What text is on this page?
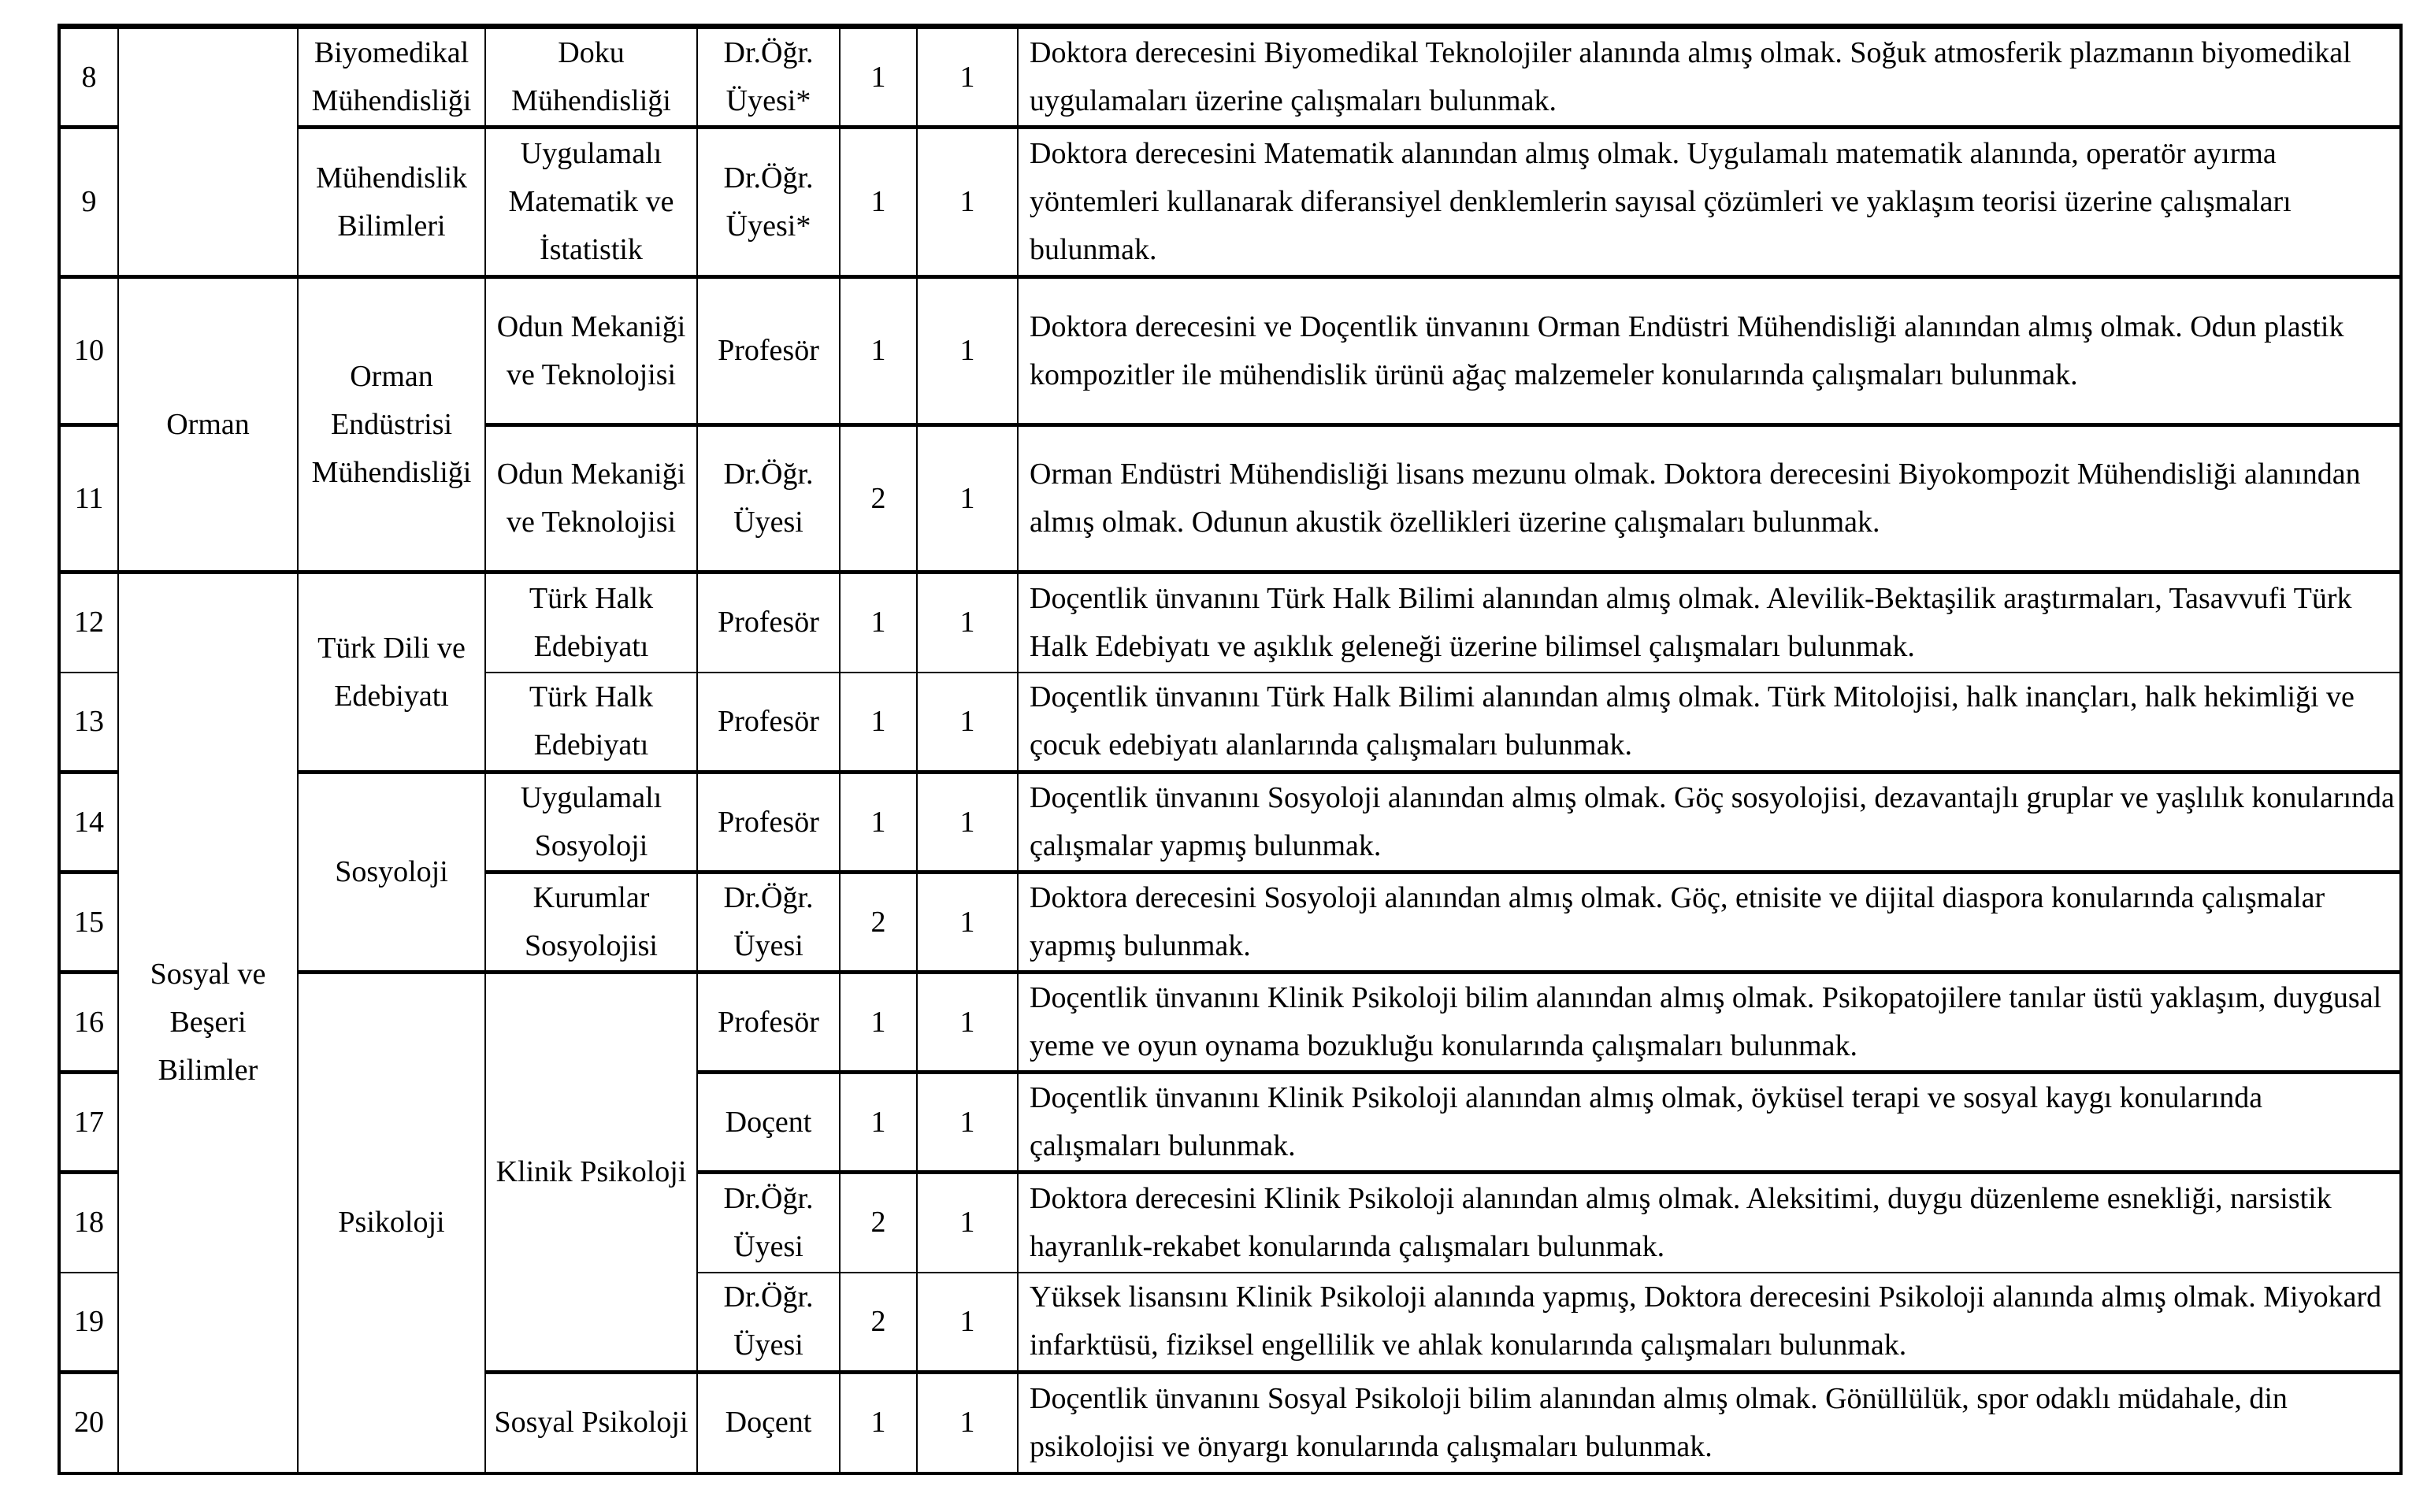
8		Biyomedikal Mühendisliği	Doku Mühendisliği	Dr.Öğr. Üyesi*	1	1	Doktora derecesini Biyomedikal Teknolojiler alanında almış olmak. Soğuk atmosferik plazmanın biyomedikal uygulamaları üzerine çalışmaları bulunmak.
9		Mühendislik Bilimleri	Uygulamalı Matematik ve İstatistik	Dr.Öğr. Üyesi*	1	1	Doktora derecesini Matematik alanından almış olmak. Uygulamalı matematik alanında, operatör ayırma yöntemleri kullanarak diferansiyel denklemlerin sayısal çözümleri ve yaklaşım teorisi üzerine çalışmaları bulunmak.
10	Orman	Orman Endüstrisi Mühendisliği	Odun Mekaniği ve Teknolojisi	Profesör	1	1	Doktora derecesini ve Doçentlik ünvanını Orman Endüstri Mühendisliği alanından almış olmak. Odun plastik kompozitler ile mühendislik ürünü ağaç malzemeler konularında çalışmaları bulunmak.
11			Odun Mekaniği ve Teknolojisi	Dr.Öğr. Üyesi	2	1	Orman Endüstri Mühendisliği lisans mezunu olmak. Doktora derecesini Biyokompozit Mühendisliği alanından almış olmak. Odunun akustik özellikleri üzerine çalışmaları bulunmak.
12	Sosyal ve Beşeri Bilimler	Türk Dili ve Edebiyatı	Türk Halk Edebiyatı	Profesör	1	1	Doçentlik ünvanını Türk Halk Bilimi alanından almış olmak. Alevilik-Bektaşilik araştırmaları, Tasavvufi Türk Halk Edebiyatı ve aşıklık geleneği üzerine bilimsel çalışmaları bulunmak.
13			Türk Halk Edebiyatı	Profesör	1	1	Doçentlik ünvanını Türk Halk Bilimi alanından almış olmak. Türk Mitolojisi, halk inançları, halk hekimliği ve çocuk edebiyatı alanlarında çalışmaları bulunmak.
14		Sosyoloji	Uygulamalı Sosyoloji	Profesör	1	1	Doçentlik ünvanını Sosyoloji alanından almış olmak. Göç sosyolojisi, dezavantajlı gruplar ve yaşlılık konularında çalışmalar yapmış bulunmak.
15			Kurumlar Sosyolojisi	Dr.Öğr. Üyesi	2	1	Doktora derecesini Sosyoloji alanından almış olmak. Göç, etnisite ve dijital diaspora konularında çalışmalar yapmış bulunmak.
16		Psikoloji	Klinik Psikoloji	Profesör	1	1	Doçentlik ünvanını Klinik Psikoloji bilim alanından almış olmak. Psikopatojilere tanılar üstü yaklaşım, duygusal yeme ve oyun oynama bozukluğu konularında çalışmaları bulunmak.
17				Doçent	1	1	Doçentlik ünvanını Klinik Psikoloji alanından almış olmak, öyküsel terapi ve sosyal kaygı konularında çalışmaları bulunmak.
18				Dr.Öğr. Üyesi	2	1	Doktora derecesini Klinik Psikoloji alanından almış olmak. Aleksitimi, duygu düzenleme esnekliği, narsistik hayranlık-rekabet konularında çalışmaları bulunmak.
19				Dr.Öğr. Üyesi	2	1	Yüksek lisansını Klinik Psikoloji alanında yapmış, Doktora derecesini Psikoloji alanında almış olmak. Miyokard infarktüsü, fiziksel engellilik ve ahlak konularında çalışmaları bulunmak.
20			Sosyal Psikoloji	Doçent	1	1	Doçentlik ünvanını Sosyal Psikoloji bilim alanından almış olmak. Gönüllülük, spor odaklı müdahale, din psikolojisi ve önyargı konularında çalışmaları bulunmak.
